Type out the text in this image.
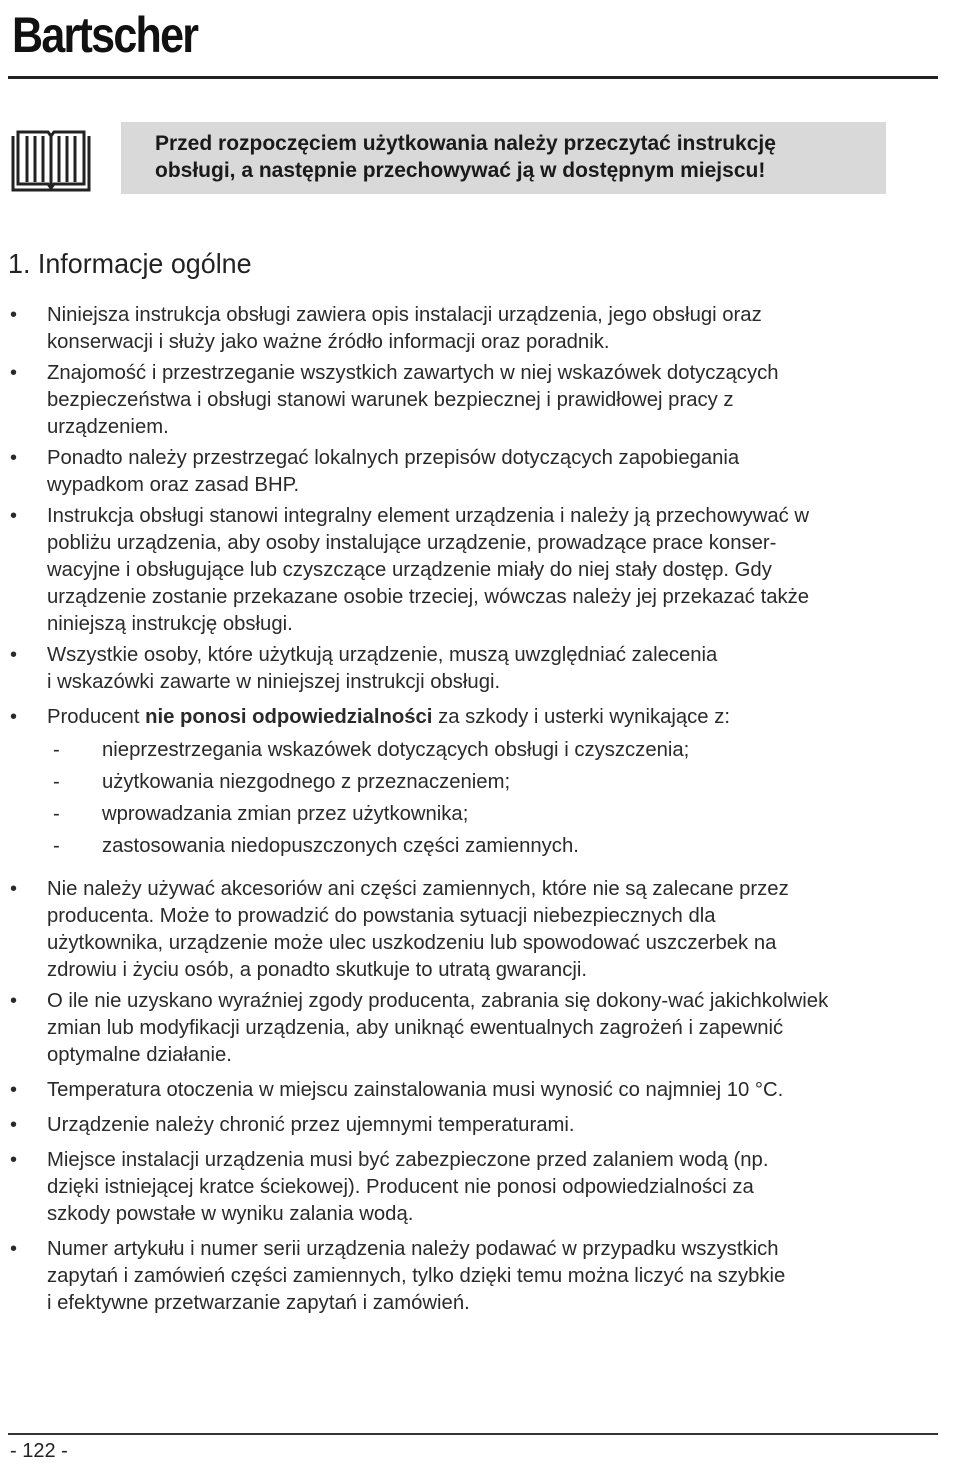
Bartscher
Przed rozpoczęciem użytkowania należy przeczytać instrukcję
obsługi, a następnie przechowywać ją w dostępnym miejscu!
1. Informacje ogólne
• Niniejsza instrukcja obsługi zawiera opis instalacji urządzenia, jego obsługi oraz
konserwacji i służy jako ważne źródło informacji oraz poradnik.
• Znajomość i przestrzeganie wszystkich zawartych w niej wskazówek dotyczących
bezpieczeństwa i obsługi stanowi warunek bezpiecznej i prawidłowej pracy z
urządzeniem.
• Ponadto należy przestrzegać lokalnych przepisów dotyczących zapobiegania
wypadkom oraz zasad BHP.
• Instrukcja obsługi stanowi integralny element urządzenia i należy ją przechowywać w
pobliżu urządzenia, aby osoby instalujące urządzenie, prowadzące prace konser-
wacyjne i obsługujące lub czyszczące urządzenie miały do niej stały dostęp. Gdy
urządzenie zostanie przekazane osobie trzeciej, wówczas należy jej przekazać także
niniejszą instrukcję obsługi.
• Wszystkie osoby, które użytkują urządzenie, muszą uwzględniać zalecenia
i wskazówki zawarte w niniejszej instrukcji obsługi.
• Producent nie ponosi odpowiedzialności za szkody i usterki wynikające z:
- nieprzestrzegania wskazówek dotyczących obsługi i czyszczenia;
- użytkowania niezgodnego z przeznaczeniem;
- wprowadzania zmian przez użytkownika;
- zastosowania niedopuszczonych części zamiennych.
• Nie należy używać akcesoriów ani części zamiennych, które nie są zalecane przez
producenta. Może to prowadzić do powstania sytuacji niebezpiecznych dla
użytkownika, urządzenie może ulec uszkodzeniu lub spowodować uszczerbek na
zdrowiu i życiu osób, a ponadto skutkuje to utratą gwarancji.
• O ile nie uzyskano wyraźniej zgody producenta, zabrania się dokony-wać jakichkolwiek
zmian lub modyfikacji urządzenia, aby uniknąć ewentualnych zagrożeń i zapewnić
optymalne działanie.
• Temperatura otoczenia w miejscu zainstalowania musi wynosić co najmniej 10 °C.
• Urządzenie należy chronić przez ujemnymi temperaturami.
• Miejsce instalacji urządzenia musi być zabezpieczone przed zalaniem wodą (np.
dzięki istniejącej kratce ściekowej). Producent nie ponosi odpowiedzialności za
szkody powstałe w wyniku zalania wodą.
• Numer artykułu i numer serii urządzenia należy podawać w przypadku wszystkich
zapytań i zamówień części zamiennych, tylko dzięki temu można liczyć na szybkie
i efektywne przetwarzanie zapytań i zamówień.
- 122 -
